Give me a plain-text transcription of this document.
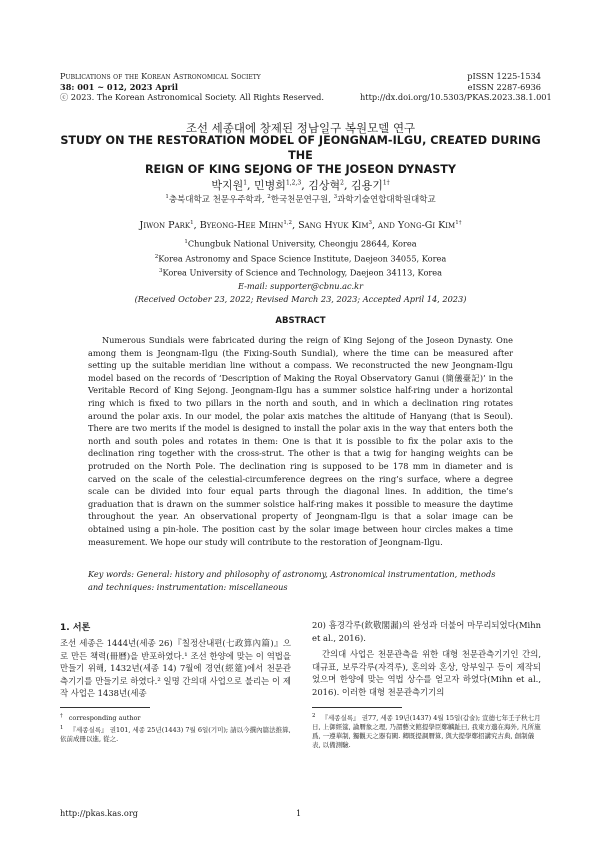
Publications of the Korean Astronomical Society
38: 001 ~ 012, 2023 April
ⓒ 2023. The Korean Astronomical Society. All Rights Reserved.
pISSN 1225-1534
eISSN 2287-6936
http://dx.doi.org/10.5303/PKAS.2023.38.1.001
조선 세종대에 창제된 정남일구 복원모델 연구
STUDY ON THE RESTORATION MODEL OF JEONGNAM-ILGU, CREATED DURING THE
REIGN OF KING SEJONG OF THE JOSEON DYNASTY
박지원$^1$, 민병희$^{1,2,3}$, 김상혁$^2$, 김용기$^{1\dagger}$
$^1$충북대학교 천문우주학과, $^2$한국천문연구원, $^3$과학기술연합대학원대학교
Jiwon Park$^1$, Byeong-Hee Mihn$^{1,2}$, Sang Hyuk Kim$^3$, and Yong-Gi Kim$^{1\dagger}$
$^1$Chungbuk National University, Cheongju 28644, Korea
$^2$Korea Astronomy and Space Science Institute, Daejeon 34055, Korea
$^3$Korea University of Science and Technology, Daejeon 34113, Korea
E-mail: supporter@cbnu.ac.kr
(Received October 23, 2022; Revised March 23, 2023; Accepted April 14, 2023)
ABSTRACT

Numerous Sundials were fabricated during the reign of King Sejong of the Joseon Dynasty. One among them is Jeongnam-Ilgu (the Fixing-South Sundial), where the time can be measured after setting up the suitable meridian line without a compass. We reconstructed the new Jeongnam-Ilgu model based on the records of ‘Description of Making the Royal Observatory Ganui (簡儀臺記)’ in the Veritable Record of King Sejong. Jeongnam-Ilgu has a summer solstice half-ring under a horizontal ring which is fixed to two pillars in the north and south, and in which a declination ring rotates around the polar axis. In our model, the polar axis matches the altitude of Hanyang (that is Seoul). There are two merits if the model is designed to install the polar axis in the way that enters both the north and south poles and rotates in them: One is that it is possible to fix the polar axis to the declination ring together with the cross-strut. The other is that a twig for hanging weights can be protruded on the North Pole. The declination ring is supposed to be 178 mm in diameter and is carved on the scale of the celestial-circumference degrees on the ring’s surface, where a degree scale can be divided into four equal parts through the diagonal lines. In addition, the time’s graduation that is drawn on the summer solstice half-ring makes it possible to measure the daytime throughout the year. An observational property of Jeongnam-Ilgu is that a solar image can be obtained using a pin-hole. The position cast by the solar image between hour circles makes a time measurement. We hope our study will contribute to the restoration of Jeongnam-Ilgu.

Key words: General: history and philosophy of astronomy, Astronomical instrumentation, methods and techniques: instrumentation: miscellaneous

1. 서론

조선 세종은 1444년(세종 26)『칠정산내편(七政算內篇)』으로 만든 책력(冊曆)을 반포하였다.¹ 조선 한양에 맞는 이 역법을 만들기 위해, 1432년(세종 14) 7월에 경연(經筵)에서 천문관측기기를 만들기로 하였다.² 일명 간의대 사업으로 불리는 이 제작 사업은 1438년(세종

20) 흠경각루(欽敬閣漏)의 완성과 더불어 마무리되었다(Mihn et al., 2016).

간의대 사업은 천문관측을 위한 대형 천문관측기기인 간의, 대규표, 보루각루(자격루), 혼의와 혼상, 앙부일구 등이 제작되었으며 한양에 맞는 역법 상수를 얻고자 하였다(Mihn et al., 2016). 이러한 대형 천문관측기기의

† corresponding author
$^1$ 『세종실록』 권101, 세종 25년(1443) 7월 6일(기미); 請以今撰內篇法推算, 依前成冊以進, 從之.
$^2$ 『세종실록』 권77, 세종 19년(1437) 4월 15일(갑술); 宣德七年壬子秋七月日, 上御經筵, 論曆象之理, 乃謂藝文館提學臣鄭麟趾曰, 我東方邈在海外, 凡所施爲, 一遵華制, 獨觀天之器有闕. 卿既提調曆算, 與大提學鄭招講究古典, 創制儀表, 以備測驗.
http://pkas.kas.org	1
